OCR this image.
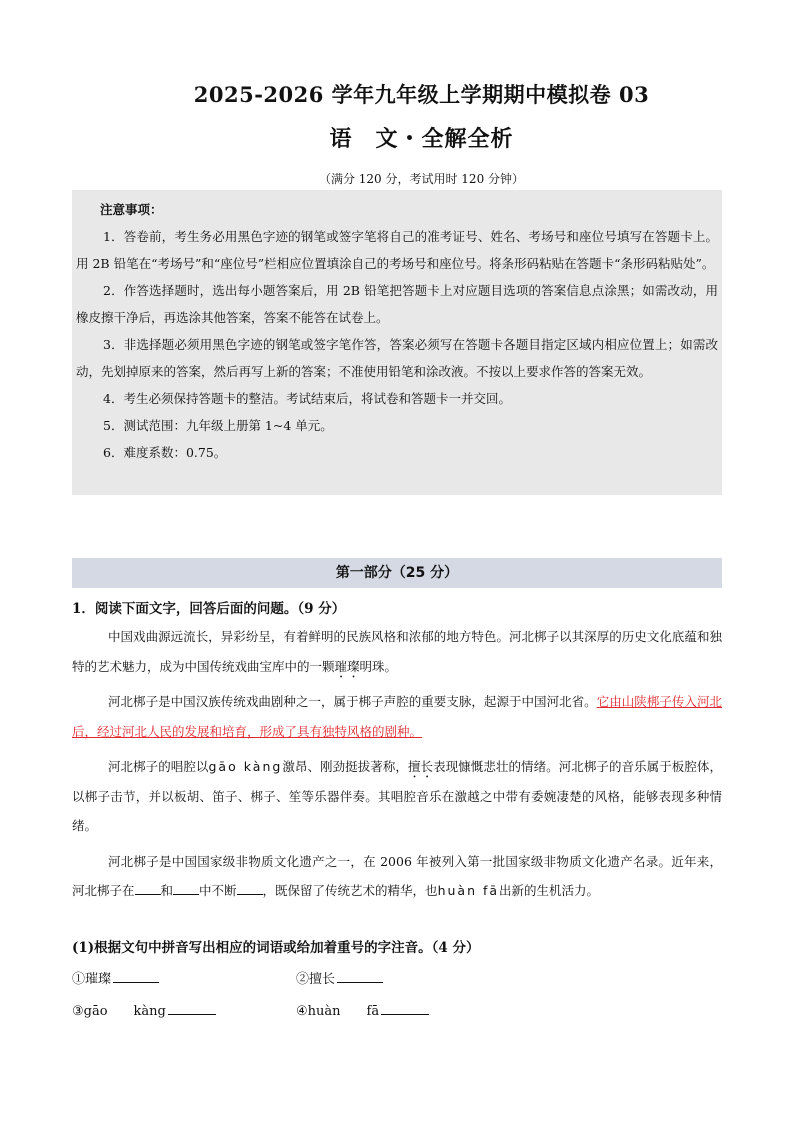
2025-2026 学年九年级上学期期中模拟卷 03
语　文・全解全析
（满分 120 分，考试用时 120 分钟）
注意事项：
1．答卷前，考生务必用黑色字迹的钢笔或签字笔将自己的准考证号、姓名、考场号和座位号填写在答题卡上。用 2B 铅笔在“考场号”和“座位号”栏相应位置填涂自己的考场号和座位号。将条形码粘贴在答题卡“条形码粘贴处”。
2．作答选择题时，选出每小题答案后，用 2B 铅笔把答题卡上对应题目选项的答案信息点涂黑；如需改动，用橡皮擦干净后，再选涂其他答案，答案不能答在试卷上。
3．非选择题必须用黑色字迹的钢笔或签字笔作答，答案必须写在答题卡各题目指定区域内相应位置上；如需改动，先划掉原来的答案，然后再写上新的答案；不准使用铅笔和涂改液。不按以上要求作答的答案无效。
4．考生必须保持答题卡的整洁。考试结束后，将试卷和答题卡一并交回。
5．测试范围：九年级上册第 1~4 单元。
6．难度系数：0.75。
第一部分（25 分）
1．阅读下面文字，回答后面的问题。（9 分）

中国戏曲源远流长，异彩纷呈，有着鲜明的民族风格和浓郁的地方特色。河北梆子以其深厚的历史文化底蕴和独特的艺术魅力，成为中国传统戏曲宝库中的一颗璀璨明珠。

河北梆子是中国汉族传统戏曲剧种之一，属于梆子声腔的重要支脉，起源于中国河北省。它由山陕梆子传入河北后，经过河北人民的发展和培育，形成了具有独特风格的剧种。

河北梆子的唱腔以gāo kàng激昂、刚劲挺拔著称，擅长表现慷慨悲壮的情绪。河北梆子的音乐属于板腔体，以梆子击节，并以板胡、笛子、梆子、笙等乐器伴奏。其唱腔音乐在激越之中带有委婉凄楚的风格，能够表现多种情绪。

河北梆子是中国国家级非物质文化遗产之一，在 2006 年被列入第一批国家级非物质文化遗产名录。近年来，河北梆子在 和 中不断 ，既保留了传统艺术的精华，也huàn fā出新的生机活力。

(1)根据文句中拼音写出相应的词语或给加着重号的字注音。（4 分）
①璀璨	②擅长
③gāo　　kàng	④huàn　　fā
